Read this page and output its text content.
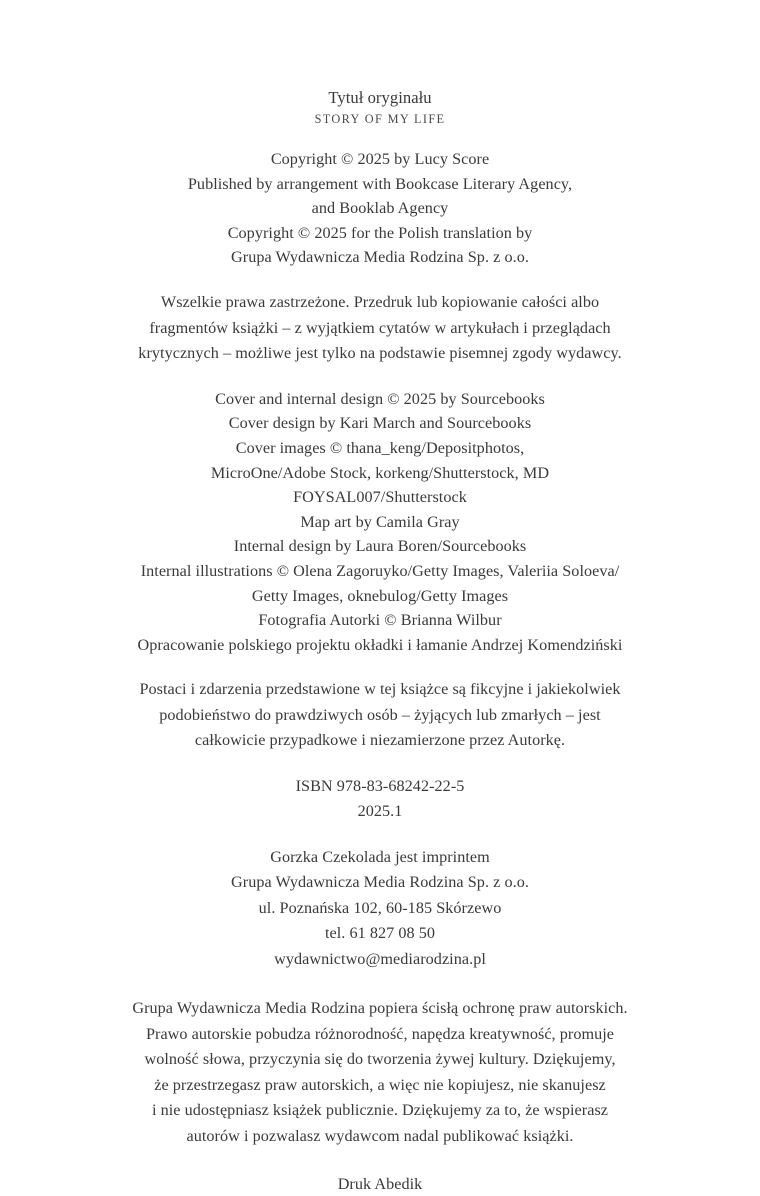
Tytuł oryginału
STORY OF MY LIFE
Copyright © 2025 by Lucy Score
Published by arrangement with Bookcase Literary Agency,
and Booklab Agency
Copyright © 2025 for the Polish translation by
Grupa Wydawnicza Media Rodzina Sp. z o.o.
Wszelkie prawa zastrzeżone. Przedruk lub kopiowanie całości albo
fragmentów książki – z wyjątkiem cytatów w artykułach i przeglądach
krytycznych – możliwe jest tylko na podstawie pisemnej zgody wydawcy.
Cover and internal design © 2025 by Sourcebooks
Cover design by Kari March and Sourcebooks
Cover images © thana_keng/Depositphotos,
MicroOne/Adobe Stock, korkeng/Shutterstock, MD
FOYSAL007/Shutterstock
Map art by Camila Gray
Internal design by Laura Boren/Sourcebooks
Internal illustrations © Olena Zagoruyko/Getty Images, Valeriia Soloeva/
Getty Images, oknebulog/Getty Images
Fotografia Autorki © Brianna Wilbur
Opracowanie polskiego projektu okładki i łamanie Andrzej Komendziński
Postaci i zdarzenia przedstawione w tej książce są fikcyjne i jakiekolwiek
podobieństwo do prawdziwych osób – żyjących lub zmarłych – jest
całkowicie przypadkowe i niezamierzone przez Autorkę.
ISBN 978-83-68242-22-5
2025.1
Gorzka Czekolada jest imprintem
Grupa Wydawnicza Media Rodzina Sp. z o.o.
ul. Poznańska 102, 60-185 Skórzewo
tel. 61 827 08 50
wydawnictwo@mediarodzina.pl
Grupa Wydawnicza Media Rodzina popiera ścisłą ochronę praw autorskich.
Prawo autorskie pobudza różnorodność, napędza kreatywność, promuje
wolność słowa, przyczynia się do tworzenia żywej kultury. Dziękujemy,
że przestrzegasz praw autorskich, a więc nie kopiujesz, nie skanujesz
i nie udostępniasz książek publicznie. Dziękujemy za to, że wspierasz
autorów i pozwalasz wydawcom nadal publikować książki.
Druk Abedik
